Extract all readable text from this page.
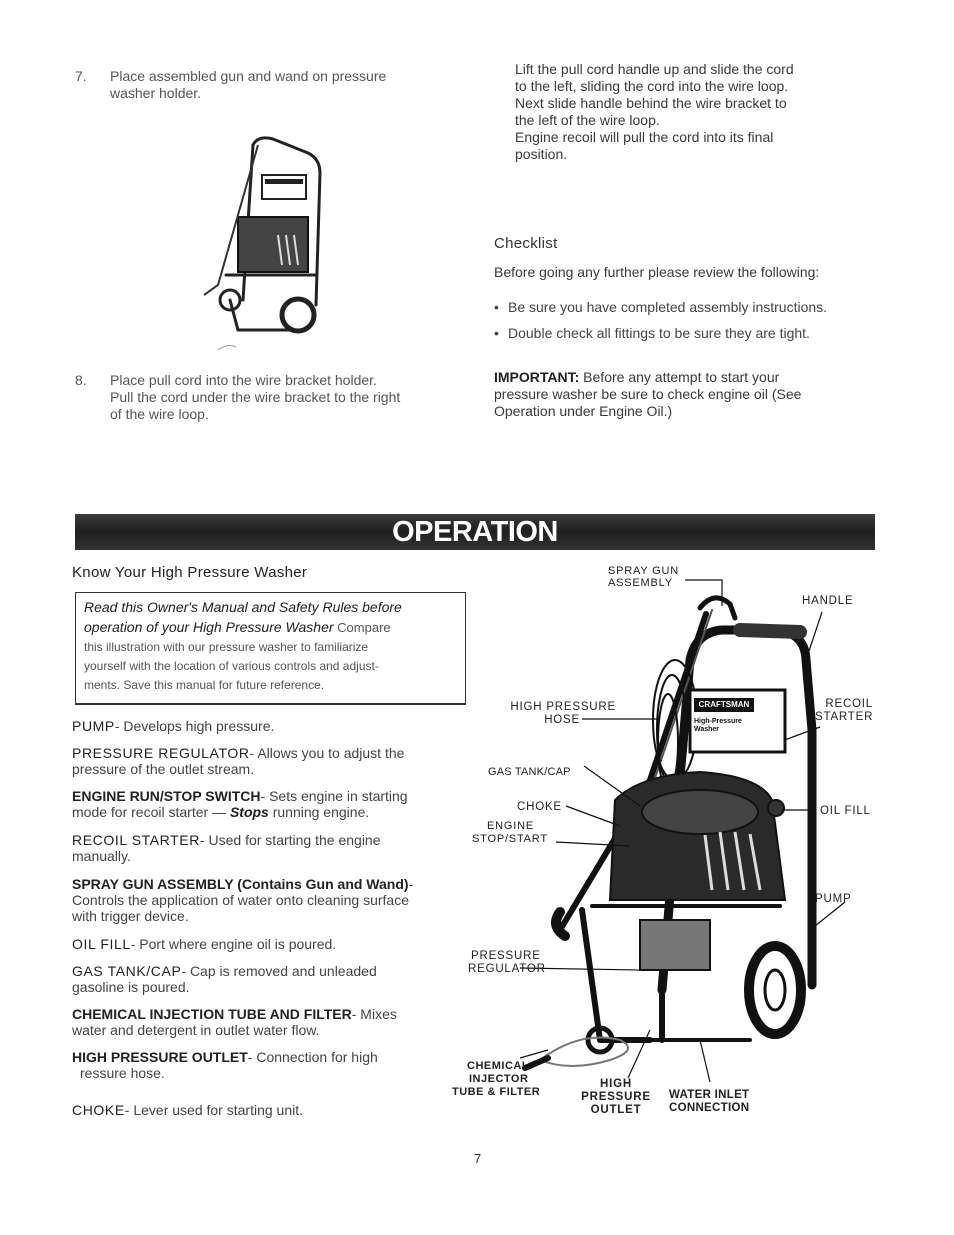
7.	Place assembled gun and wand on pressure washer holder.
8. Place pull cord into the wire bracket holder.
Pull the cord under the wire bracket to the right
of the wire loop.
Lift the pull cord handle up and slide the cord
to the left, sliding the cord into the wire loop.
Next slide handle behind the wire bracket to
the left of the wire loop.
Engine recoil will pull the cord into its final
position.
Checklist
Before going any further please review the following:
• Be sure you have completed assembly instructions.
• Double check all fittings to be sure they are tight.
IMPORTANT: Before any attempt to start your
pressure washer be sure to check engine oil (See
Operation under Engine Oil.)
OPERATION
Know Your High Pressure Washer
Read this Owner's Manual and Safety Rules before
operation of your High Pressure Washer Compare
this illustration with our pressure washer to familiarize
yourself with the location of various controls and adjust-
ments. Save this manual for future reference.
PUMP- Develops high pressure.
PRESSURE REGULATOR- Allows you to adjust the
pressure of the outlet stream.
ENGINE RUN/STOP SWITCH- Sets engine in starting
mode for recoil starter — Stops running engine.
RECOIL STARTER- Used for starting the engine
manually.
SPRAY GUN ASSEMBLY (Contains Gun and Wand)-
Controls the application of water onto cleaning surface
with trigger device.
OIL FILL- Port where engine oil is poured.
GAS TANK/CAP- Cap is removed and unleaded
gasoline is poured.
CHEMICAL INJECTION TUBE AND FILTER- Mixes
water and detergent in outlet water flow.
HIGH PRESSURE OUTLET- Connection for high
ressure hose.
CHOKE- Lever used for starting unit.
CRAFTSMAN
High-Pressure
Washer
SPRAY GUN
ASSEMBLY
HANDLE
HIGH PRESSURE
HOSE
RECOIL
STARTER
GAS TANK/CAP
CHOKE	OIL FILL
ENGINE
STOP/START
PUMP
PRESSURE
REGULATOR
CHEMICAL
INJECTOR
TUBE & FILTER
HIGH
PRESSURE
OUTLET
WATER INLET
CONNECTION
7
